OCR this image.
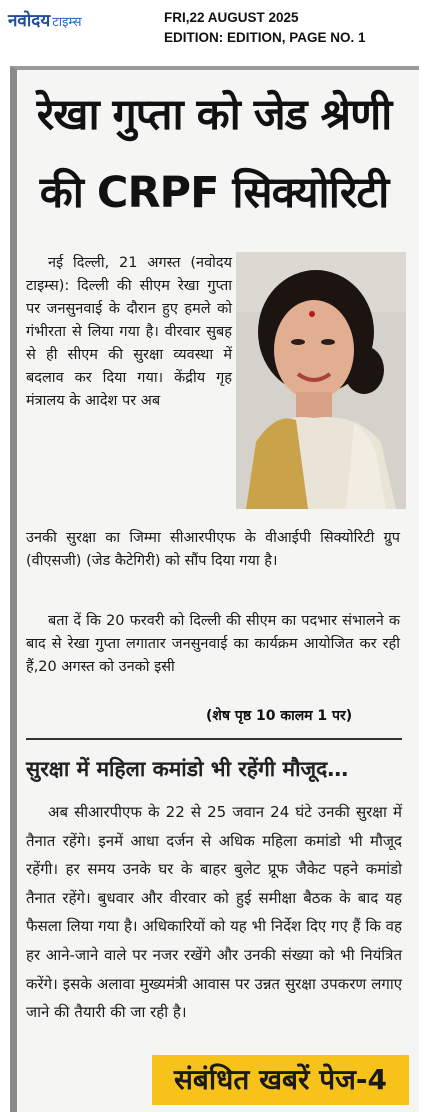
नवोदय टाइम्स	FRI,22 AUGUST 2025
EDITION: EDITION, PAGE NO. 1
रेखा गुप्ता को जेड श्रेणी
की CRPF सिक्योरिटी

नई दिल्ली, 21 अगस्त (नवोदय टाइम्स): दिल्ली की सीएम रेखा गुप्ता पर जनसुनवाई के दौरान हुए हमले को गंभीरता से लिया गया है। वीरवार सुबह से ही सीएम की सुरक्षा व्यवस्था में बदलाव कर दिया गया। केंद्रीय गृह मंत्रालय के आदेश पर अब

उनकी सुरक्षा का जिम्मा सीआरपीएफ के वीआईपी सिक्योरिटी ग्रुप (वीएसजी) (जेड कैटेगिरी) को सौंप दिया गया है।

बता दें कि 20 फरवरी को दिल्ली की सीएम का पदभार संभालने क बाद से रेखा गुप्ता लगातार जनसुनवाई का कार्यक्रम आयोजित कर रही हैं,20 अगस्त को उनको इसी

(शेष पृष्ठ 10 कालम 1 पर)
सुरक्षा में महिला कमांडो भी रहेंगी मौजूद…

अब सीआरपीएफ के 22 से 25 जवान 24 घंटे उनकी सुरक्षा में तैनात रहेंगे। इनमें आधा दर्जन से अधिक महिला कमांडो भी मौजूद रहेंगी। हर समय उनके घर के बाहर बुलेट प्रूफ जैकेट पहने कमांडो तैनात रहेंगे। बुधवार और वीरवार को हुई समीक्षा बैठक के बाद यह फैसला लिया गया है। अधिकारियों को यह भी निर्देश दिए गए हैं कि वह हर आने-जाने वाले पर नजर रखेंगे और उनकी संख्या को भी नियंत्रित करेंगे। इसके अलावा मुख्यमंत्री आवास पर उन्नत सुरक्षा उपकरण लगाए जाने की तैयारी की जा रही है।

संबंधित खबरें पेज-4
